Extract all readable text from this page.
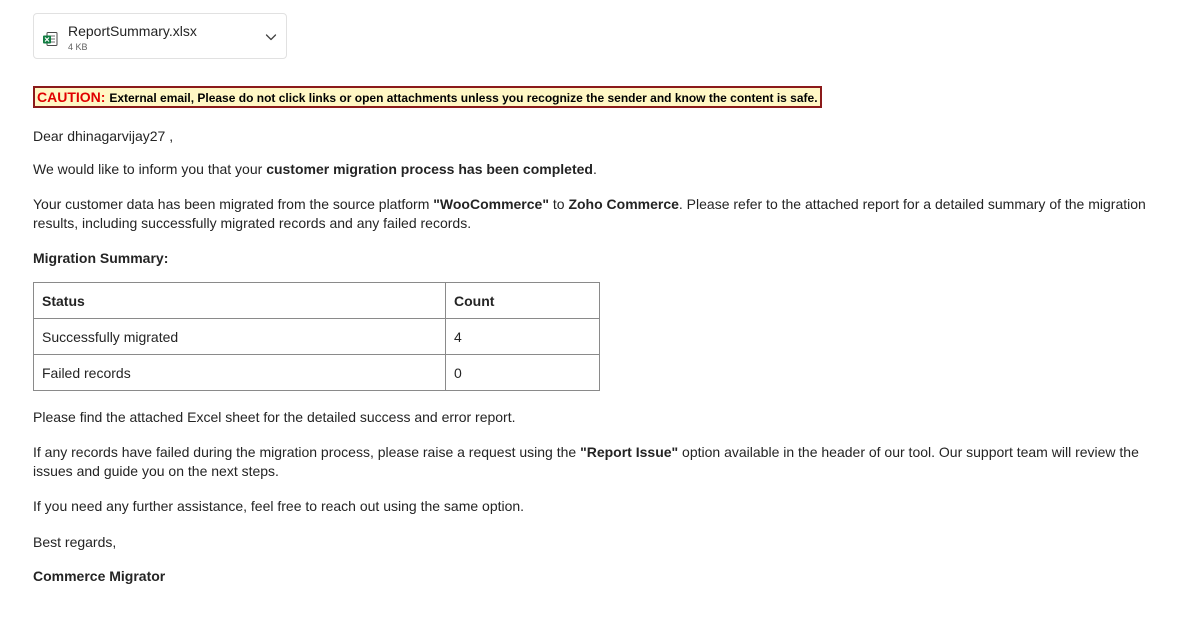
ReportSummary.xlsx
4 KB
CAUTION: External email, Please do not click links or open attachments unless you recognize the sender and know the content is safe.
Dear dhinagarvijay27 ,
We would like to inform you that your customer migration process has been completed.
Your customer data has been migrated from the source platform "WooCommerce" to Zoho Commerce. Please refer to the attached report for a detailed summary of the migration results, including successfully migrated records and any failed records.
Migration Summary:
Status	Count
Successfully migrated	4
Failed records	0
Please find the attached Excel sheet for the detailed success and error report.
If any records have failed during the migration process, please raise a request using the "Report Issue" option available in the header of our tool. Our support team will review the issues and guide you on the next steps.
If you need any further assistance, feel free to reach out using the same option.
Best regards,
Commerce Migrator
